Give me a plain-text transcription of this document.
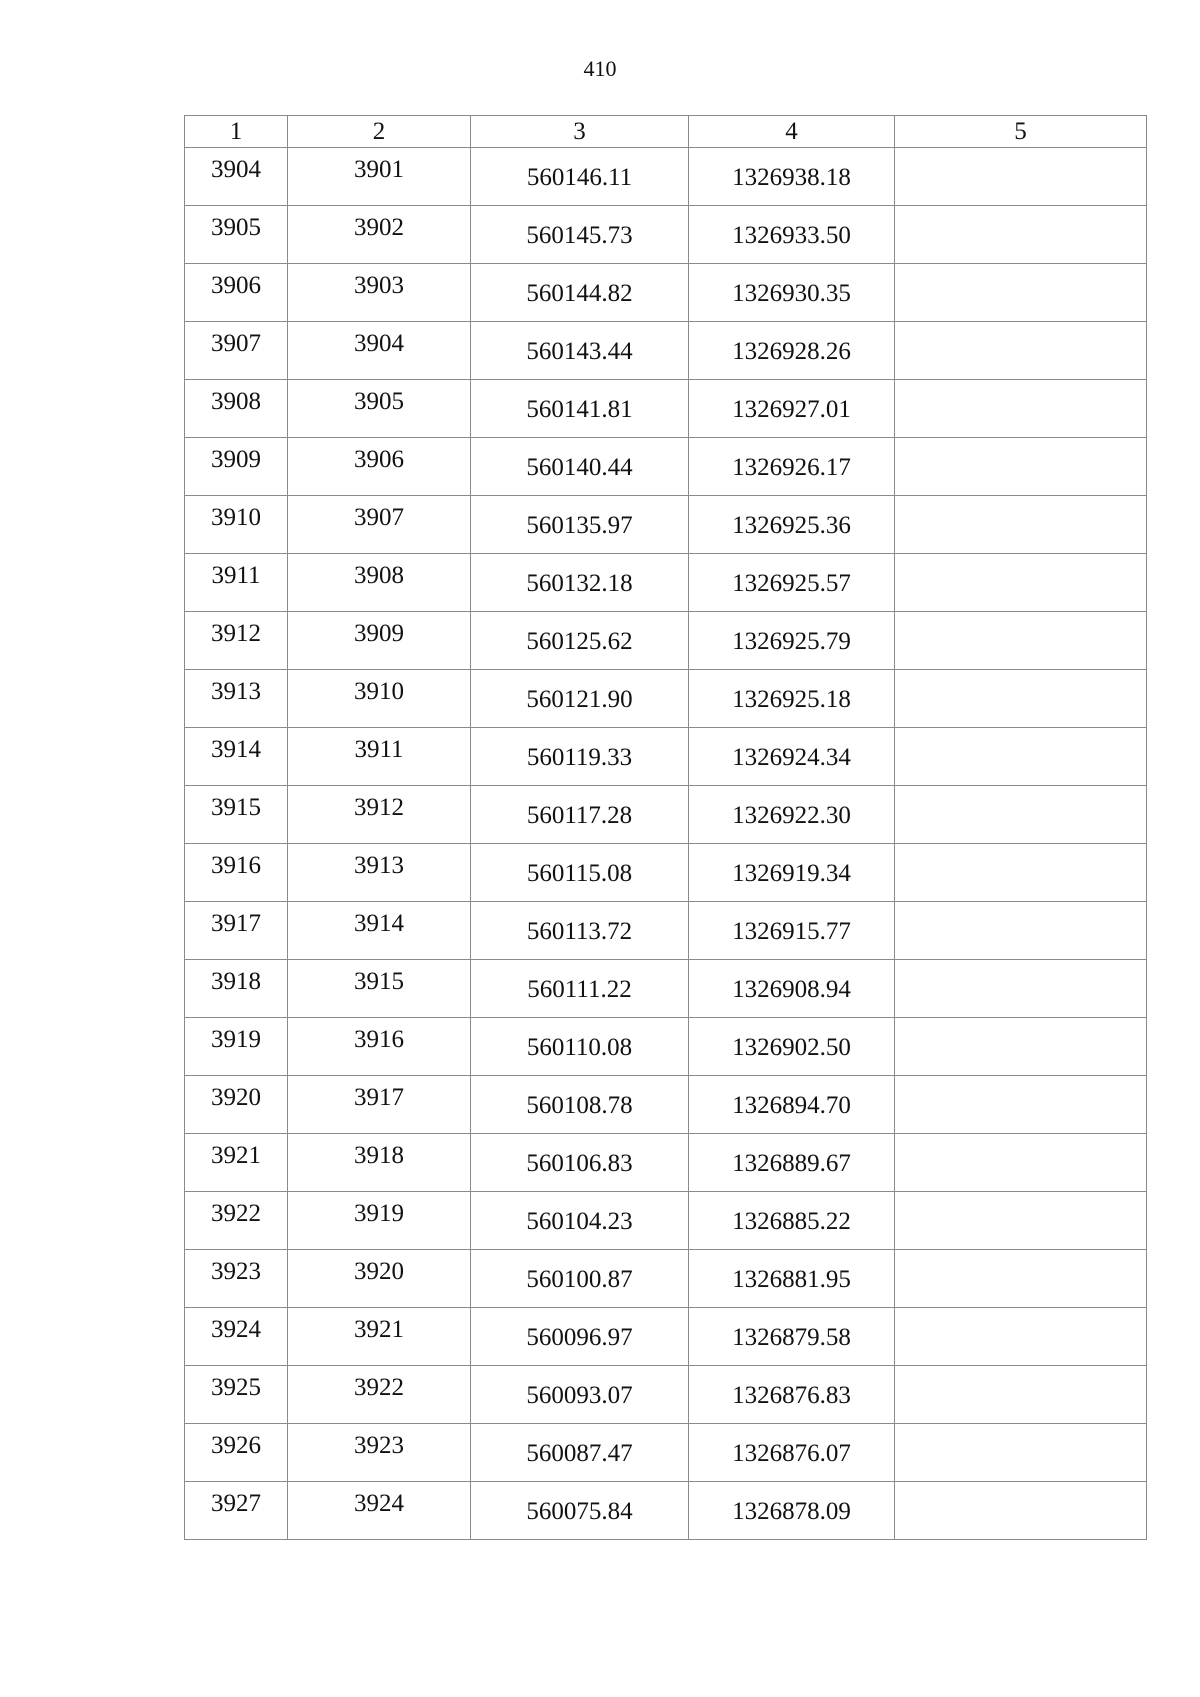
410
1	2	3	4	5
3904	3901	560146.11	1326938.18	
3905	3902	560145.73	1326933.50	
3906	3903	560144.82	1326930.35	
3907	3904	560143.44	1326928.26	
3908	3905	560141.81	1326927.01	
3909	3906	560140.44	1326926.17	
3910	3907	560135.97	1326925.36	
3911	3908	560132.18	1326925.57	
3912	3909	560125.62	1326925.79	
3913	3910	560121.90	1326925.18	
3914	3911	560119.33	1326924.34	
3915	3912	560117.28	1326922.30	
3916	3913	560115.08	1326919.34	
3917	3914	560113.72	1326915.77	
3918	3915	560111.22	1326908.94	
3919	3916	560110.08	1326902.50	
3920	3917	560108.78	1326894.70	
3921	3918	560106.83	1326889.67	
3922	3919	560104.23	1326885.22	
3923	3920	560100.87	1326881.95	
3924	3921	560096.97	1326879.58	
3925	3922	560093.07	1326876.83	
3926	3923	560087.47	1326876.07	
3927	3924	560075.84	1326878.09	
